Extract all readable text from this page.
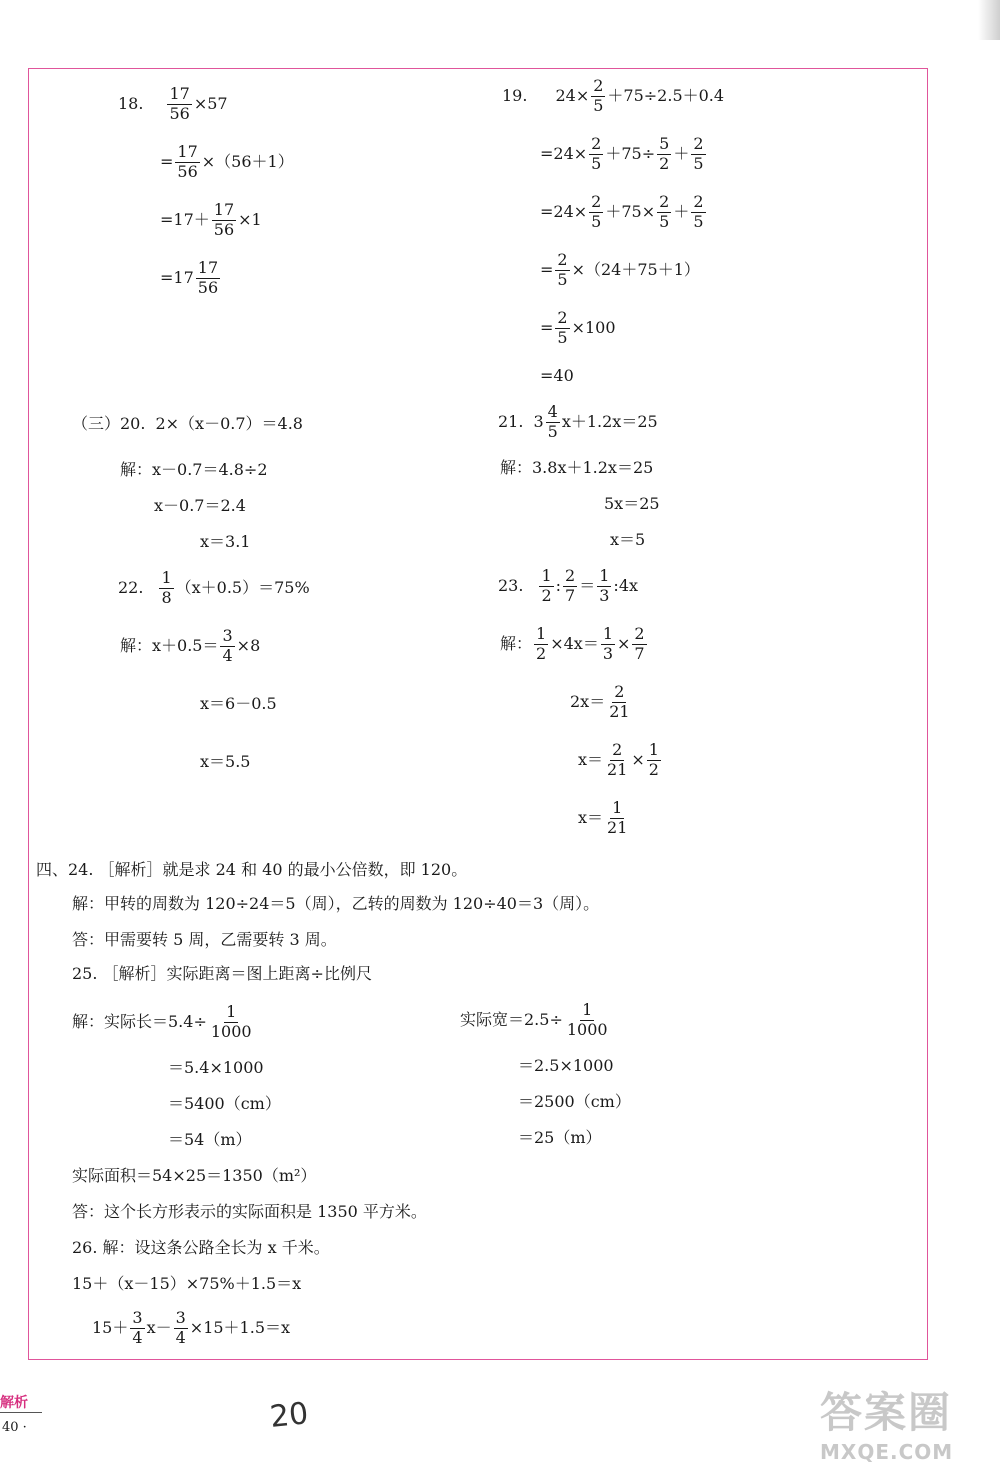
18. $\frac{17}{56} \times 57$
= $\frac{17}{56} \times(56+1)$
$=17+ \frac{17}{56} \times 1$
$=17 \frac{17}{56}$
19. $24\times \frac{2}{5} +75\div 2.5+0.4$
$=24\times \frac{2}{5} +75\div \frac{5}{2} + \frac{2}{5}$
$=24\times \frac{2}{5} +75\times \frac{2}{5} + \frac{2}{5}$
= $\frac{2}{5} \times(24+75+1)$
= $\frac{2}{5} \times 100$
=40
（三）20. 2×（x－0.7）＝4.8
解：x－0.7＝4.8÷2
x－0.7＝2.4
x＝3.1
21. $3 \frac{4}{5} x+1.2x=25$
解：3.8x＋1.2x＝25
5x＝25
x＝5
22. $\frac{1}{8} (x+0.5)=75\%$
解：$x+0.5= \frac{3}{4} \times 8$
x＝6－0.5
x＝5.5
23. $\frac{1}{2}$ : $\frac{2}{7} = \frac{1}{3}$ :4x
解： $\frac{1}{2} \times 4x= \frac{1}{3} \times \frac{2}{7}$
$2x= \frac{2}{21}$
$x= \frac{2}{21} \times \frac{1}{2}$
$x= \frac{1}{21}$
四、24. ［解析］就是求 24 和 40 的最小公倍数，即 120。
解：甲转的周数为 120÷24＝5（周），乙转的周数为 120÷40＝3（周）。
答：甲需要转 5 周，乙需要转 3 周。
25. ［解析］实际距离＝图上距离÷比例尺
解：实际长$=5.4\div \frac{1}{1000}$
＝5.4×1000
＝5400（cm）
＝54（m）
实际宽$=2.5\div \frac{1}{1000}$
＝2.5×1000
＝2500（cm）
＝25（m）
实际面积＝54×25＝1350（m²）
答：这个长方形表示的实际面积是 1350 平方米。
26. 解：设这条公路全长为 x 千米。
15＋（x－15）×75%＋1.5＝x
$15+ \frac{3}{4} x- \frac{3}{4} \times 15+1.5=x$
̃解析
40 ·	20	答案圈
MXQE.COM
